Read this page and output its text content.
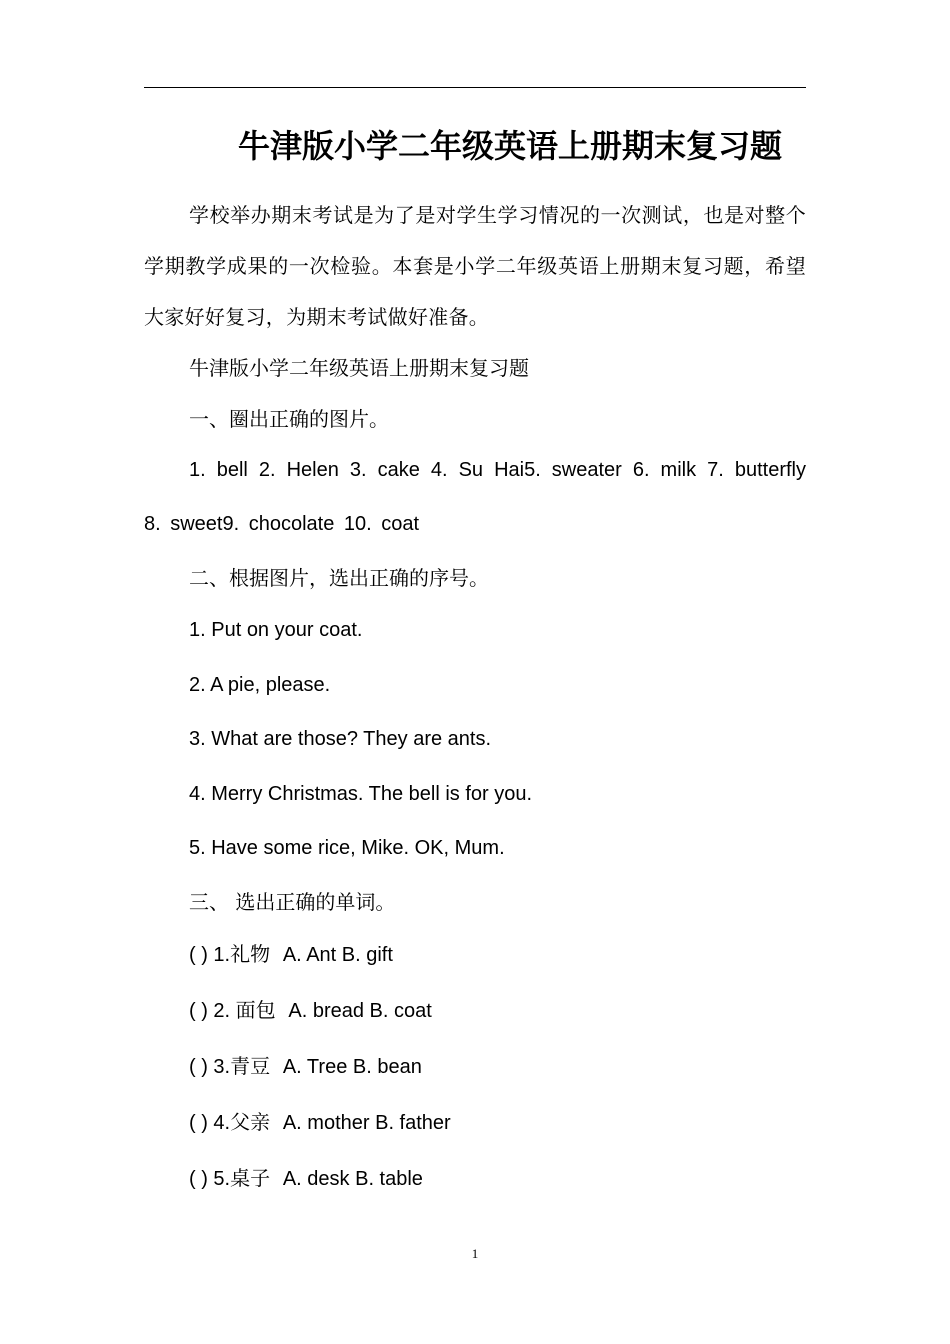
牛津版小学二年级英语上册期末复习题
学校举办期末考试是为了是对学生学习情况的一次测试，也是对整个学期教学成果的一次检验。本套是小学二年级英语上册期末复习题，希望大家好好复习，为期末考试做好准备。
牛津版小学二年级英语上册期末复习题
一、圈出正确的图片。
1. bell 2. Helen 3. cake 4. Su Hai5. sweater 6. milk 7. butterfly 8. sweet9. chocolate 10. coat
二、根据图片，选出正确的序号。
1. Put on your coat.
2. A pie, please.
3. What are those? They are ants.
4. Merry Christmas. The bell is for you.
5. Have some rice, Mike. OK, Mum.
三、 选出正确的单词。
( ) 1.礼物 A. Ant B. gift
( ) 2. 面包 A. bread B. coat
( ) 3.青豆 A. Tree B. bean
( ) 4.父亲 A. mother B. father
( ) 5.桌子 A. desk B. table
1
